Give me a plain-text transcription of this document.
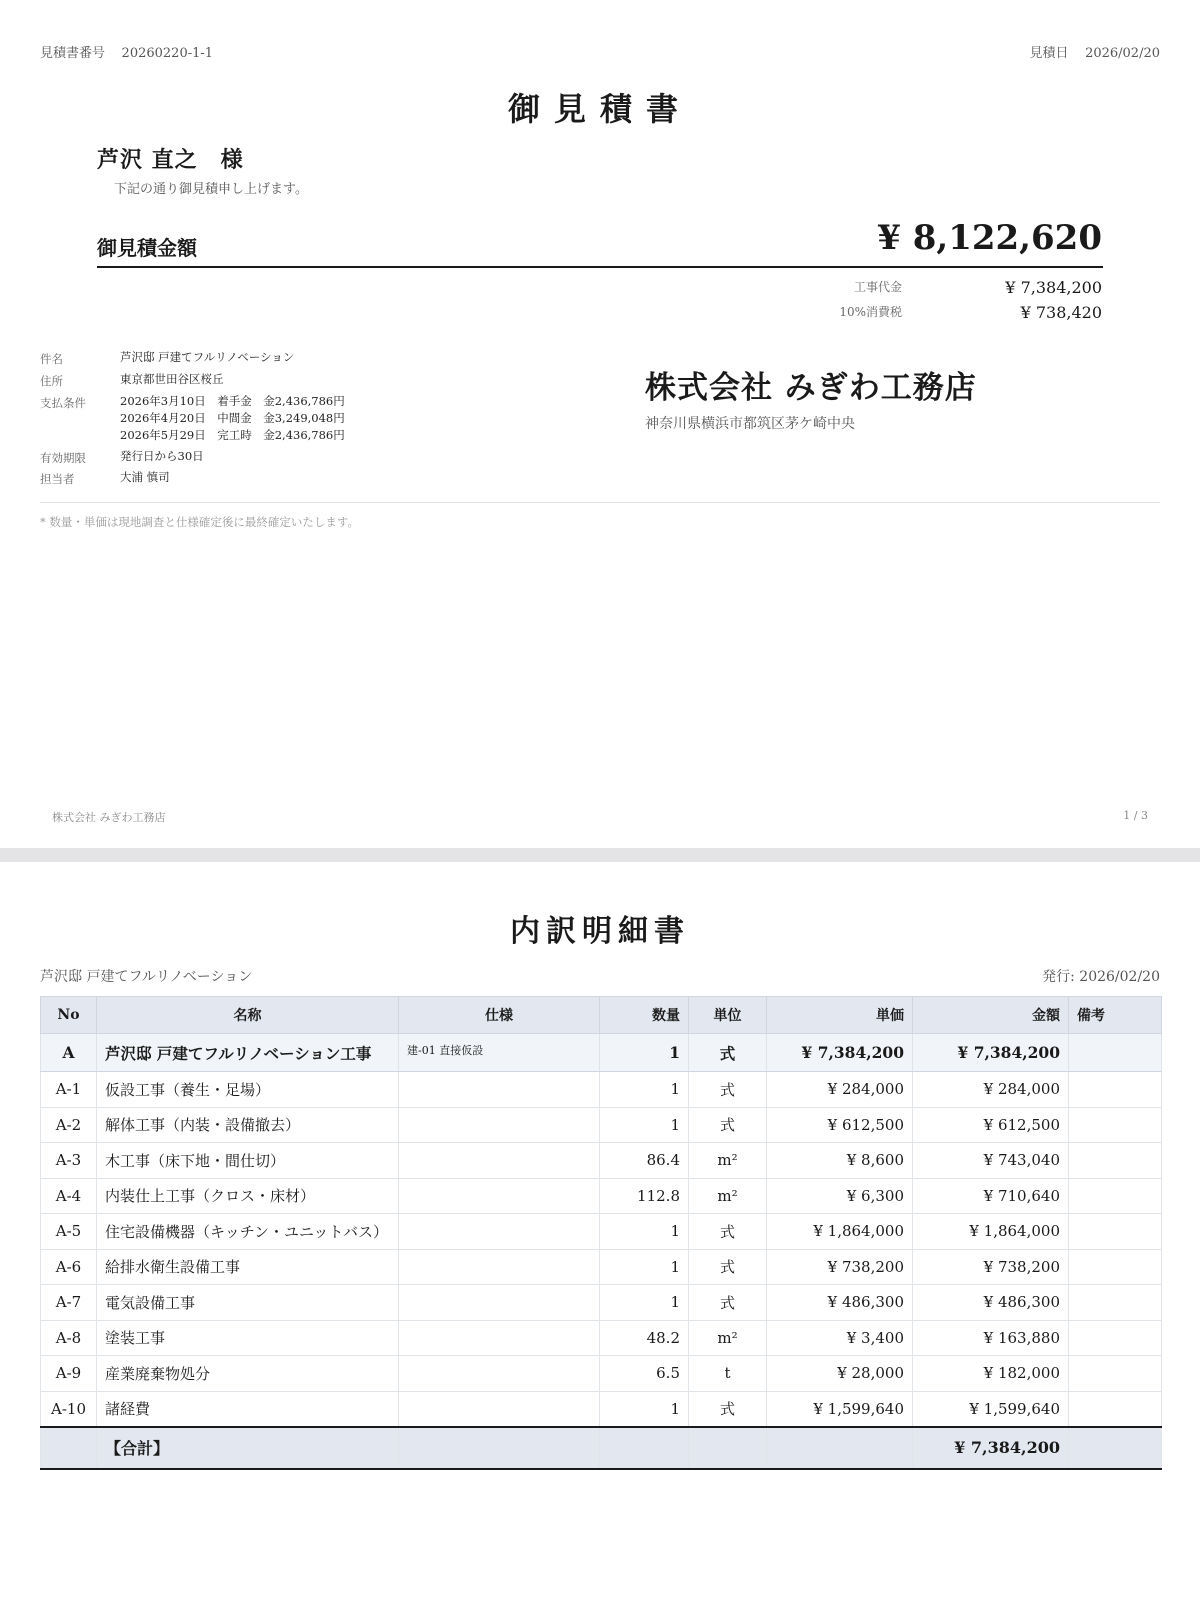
見積書番号 20260220-1-1	見積日 2026/02/20
御見積書
芦沢 直之　様
下記の通り御見積申し上げます。
御見積金額	¥ 8,122,620
工事代金	¥ 7,384,200
10%消費税	¥ 738,420
件名	芦沢邸 戸建てフルリノベーション
住所	東京都世田谷区桜丘
支払条件	2026年3月10日　着手金　金2,436,786円
2026年4月20日　中間金　金3,249,048円
2026年5月29日　完工時　金2,436,786円
有効期限	発行日から30日
担当者	大浦 慎司
株式会社 みぎわ工務店
神奈川県横浜市都筑区茅ケ崎中央
* 数量・単価は現地調査と仕様確定後に最終確定いたします。
株式会社 みぎわ工務店	1 / 3
内訳明細書
芦沢邸 戸建てフルリノベーション	発行: 2026/02/20
No	名称	仕様	数量	単位	単価	金額	備考
A	芦沢邸 戸建てフルリノベーション工事	建-01 直接仮設	1	式	¥ 7,384,200	¥ 7,384,200	
A-1	仮設工事（養生・足場）		1	式	¥ 284,000	¥ 284,000	
A-2	解体工事（内装・設備撤去）		1	式	¥ 612,500	¥ 612,500	
A-3	木工事（床下地・間仕切）		86.4	m²	¥ 8,600	¥ 743,040	
A-4	内装仕上工事（クロス・床材）		112.8	m²	¥ 6,300	¥ 710,640	
A-5	住宅設備機器（キッチン・ユニットバス）		1	式	¥ 1,864,000	¥ 1,864,000	
A-6	給排水衛生設備工事		1	式	¥ 738,200	¥ 738,200	
A-7	電気設備工事		1	式	¥ 486,300	¥ 486,300	
A-8	塗装工事		48.2	m²	¥ 3,400	¥ 163,880	
A-9	産業廃棄物処分		6.5	t	¥ 28,000	¥ 182,000	
A-10	諸経費		1	式	¥ 1,599,640	¥ 1,599,640	
	【合計】					¥ 7,384,200	
